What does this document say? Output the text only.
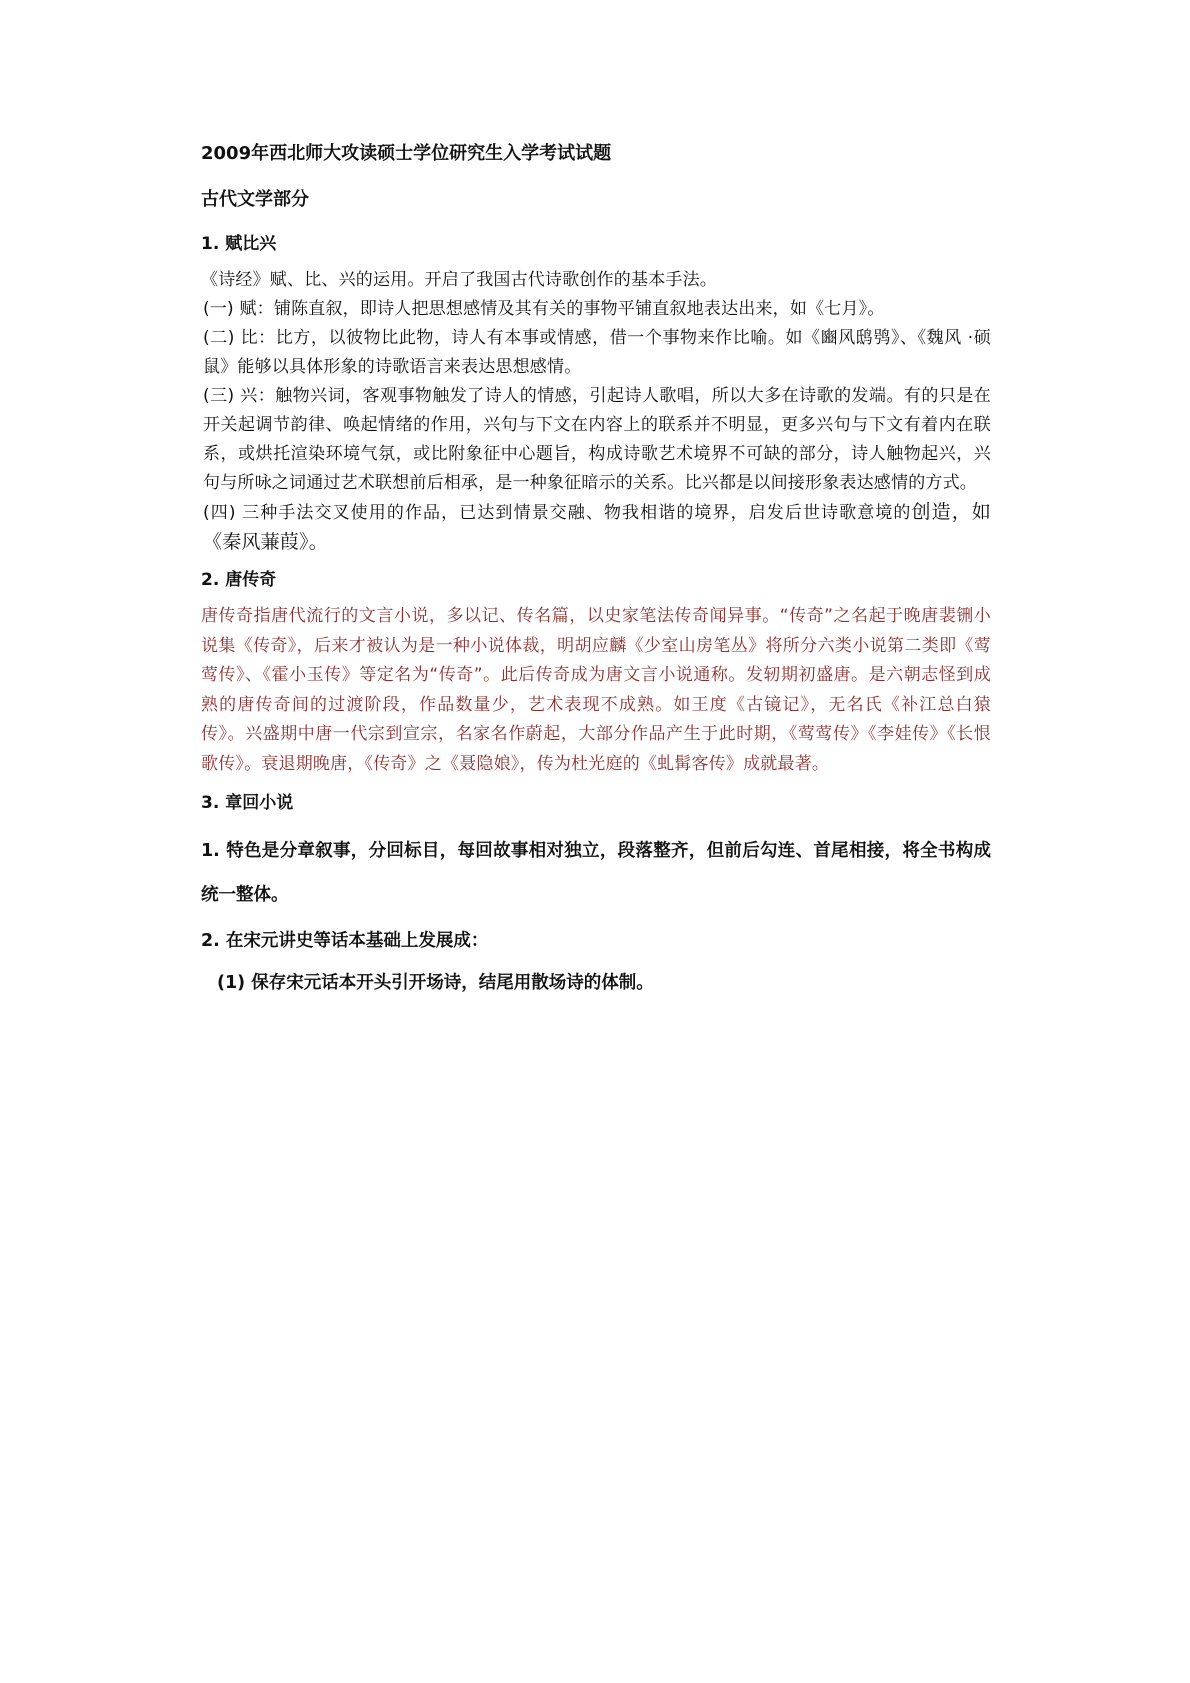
2009年西北师大攻读硕士学位研究生入学考试试题
古代文学部分
1. 赋比兴

《诗经》赋、比、兴的运用。开启了我国古代诗歌创作的基本手法。

(一) 赋：铺陈直叙，即诗人把思想感情及其有关的事物平铺直叙地表达出来，如《七月》。

(二) 比：比方，以彼物比此物，诗人有本事或情感，借一个事物来作比喻。如《豳风鸱鸮》、《魏风 ·硕鼠》能够以具体形象的诗歌语言来表达思想感情。

(三) 兴：触物兴词，客观事物触发了诗人的情感，引起诗人歌唱，所以大多在诗歌的发端。有的只是在开关起调节韵律、唤起情绪的作用，兴句与下文在内容上的联系并不明显，更多兴句与下文有着内在联系，或烘托渲染环境气氛，或比附象征中心题旨，构成诗歌艺术境界不可缺的部分，诗人触物起兴，兴句与所咏之词通过艺术联想前后相承，是一种象征暗示的关系。比兴都是以间接形象表达感情的方式。

(四) 三种手法交叉使用的作品，已达到情景交融、物我相谐的境界，启发后世诗歌意境的创造，如《秦风蒹葭》。

2. 唐传奇

唐传奇指唐代流行的文言小说，多以记、传名篇，以史家笔法传奇闻异事。“传奇”之名起于晚唐裴铏小说集《传奇》，后来才被认为是一种小说体裁，明胡应麟《少室山房笔丛》将所分六类小说第二类即《莺莺传》、《霍小玉传》等定名为“传奇”。此后传奇成为唐文言小说通称。发轫期初盛唐。是六朝志怪到成熟的唐传奇间的过渡阶段，作品数量少，艺术表现不成熟。如王度《古镜记》，无名氏《补江总白猿传》。兴盛期中唐一代宗到宣宗，名家名作蔚起，大部分作品产生于此时期，《莺莺传》《李娃传》《长恨歌传》。衰退期晚唐，《传奇》之《聂隐娘》，传为杜光庭的《虬髯客传》成就最著。

3. 章回小说

1. 特色是分章叙事，分回标目，每回故事相对独立，段落整齐，但前后勾连、首尾相接，将全书构成统一整体。

2. 在宋元讲史等话本基础上发展成：

(1) 保存宋元话本开头引开场诗，结尾用散场诗的体制。
